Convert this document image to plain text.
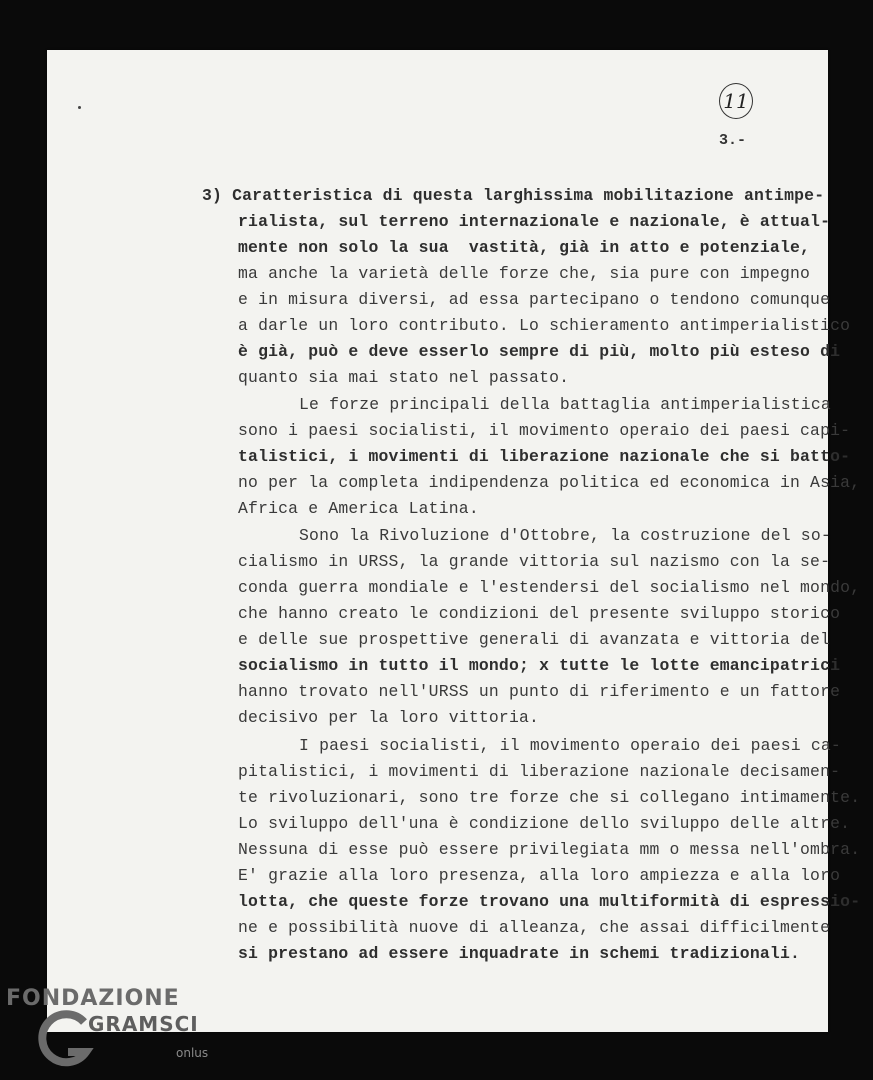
11
3.-
3) Caratteristica di questa larghissima mobilitazione antimpe-
rialista, sul terreno internazionale e nazionale, è attual-
mente non solo la sua  vastità, già in atto e potenziale,
ma anche la varietà delle forze che, sia pure con impegno
e in misura diversi, ad essa partecipano o tendono comunque
a darle un loro contributo. Lo schieramento antimperialistico
è già, può e deve esserlo sempre di più, molto più esteso di
quanto sia mai stato nel passato.
Le forze principali della battaglia antimperialistica
sono i paesi socialisti, il movimento operaio dei paesi capi-
talistici, i movimenti di liberazione nazionale che si batto-
no per la completa indipendenza politica ed economica in Asia,
Africa e America Latina.
Sono la Rivoluzione d'Ottobre, la costruzione del so-
cialismo in URSS, la grande vittoria sul nazismo con la se-
conda guerra mondiale e l'estendersi del socialismo nel mondo,
che hanno creato le condizioni del presente sviluppo storico
e delle sue prospettive generali di avanzata e vittoria del
socialismo in tutto il mondo; x tutte le lotte emancipatrici
hanno trovato nell'URSS un punto di riferimento e un fattore
decisivo per la loro vittoria.
I paesi socialisti, il movimento operaio dei paesi ca-
pitalistici, i movimenti di liberazione nazionale decisamen-
te rivoluzionari, sono tre forze che si collegano intimamente.
Lo sviluppo dell'una è condizione dello sviluppo delle altre.
Nessuna di esse può essere privilegiata mm o messa nell'ombra.
E' grazie alla loro presenza, alla loro ampiezza e alla loro
lotta, che queste forze trovano una multiformità di espressio-
ne e possibilità nuove di alleanza, che assai difficilmente
si prestano ad essere inquadrate in schemi tradizionali.
FONDAZIONE
GRAMSCI
onlus
